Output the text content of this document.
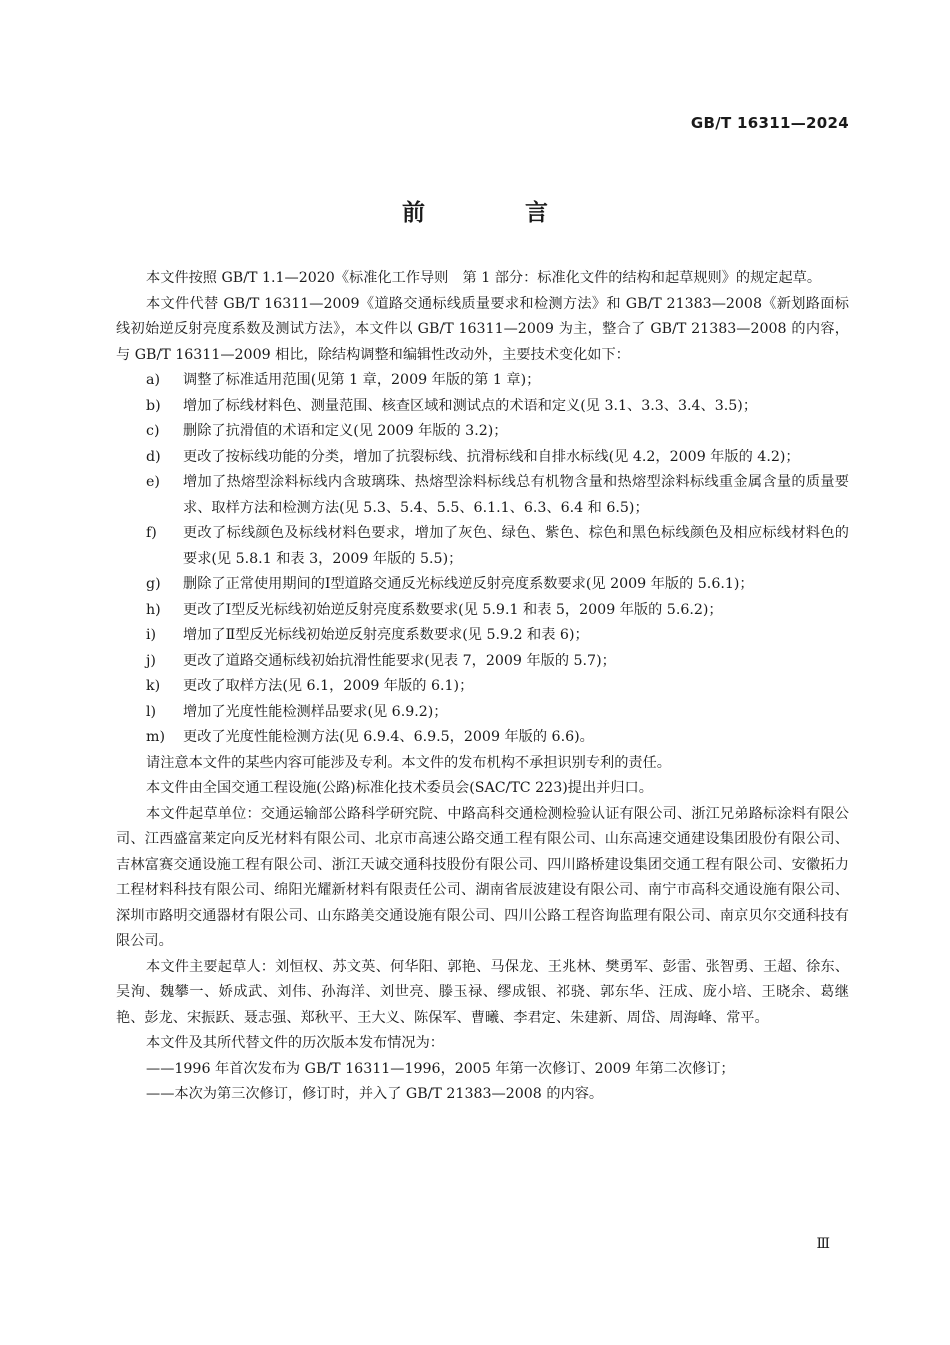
GB/T 16311—2024
前 言

本文件按照 GB/T 1.1—2020《标准化工作导则　第 1 部分：标准化文件的结构和起草规则》的规定起草。

本文件代替 GB/T 16311—2009《道路交通标线质量要求和检测方法》和 GB/T 21383—2008《新划路面标线初始逆反射亮度系数及测试方法》，本文件以 GB/T 16311—2009 为主，整合了 GB/T 21383—2008 的内容，与 GB/T 16311—2009 相比，除结构调整和编辑性改动外，主要技术变化如下：

a)	调整了标准适用范围(见第 1 章，2009 年版的第 1 章)；
b)	增加了标线材料色、测量范围、核查区域和测试点的术语和定义(见 3.1、3.3、3.4、3.5)；
c)	删除了抗滑值的术语和定义(见 2009 年版的 3.2)；
d)	更改了按标线功能的分类，增加了抗裂标线、抗滑标线和自排水标线(见 4.2，2009 年版的 4.2)；
e)	增加了热熔型涂料标线内含玻璃珠、热熔型涂料标线总有机物含量和热熔型涂料标线重金属含量的质量要求、取样方法和检测方法(见 5.3、5.4、5.5、6.1.1、6.3、6.4 和 6.5)；
f)	更改了标线颜色及标线材料色要求，增加了灰色、绿色、紫色、棕色和黑色标线颜色及相应标线材料色的要求(见 5.8.1 和表 3，2009 年版的 5.5)；
g)	删除了正常使用期间的Ⅰ型道路交通反光标线逆反射亮度系数要求(见 2009 年版的 5.6.1)；
h)	更改了Ⅰ型反光标线初始逆反射亮度系数要求(见 5.9.1 和表 5，2009 年版的 5.6.2)；
i)	增加了Ⅱ型反光标线初始逆反射亮度系数要求(见 5.9.2 和表 6)；
j)	更改了道路交通标线初始抗滑性能要求(见表 7，2009 年版的 5.7)；
k)	更改了取样方法(见 6.1，2009 年版的 6.1)；
l)	增加了光度性能检测样品要求(见 6.9.2)；
m)	更改了光度性能检测方法(见 6.9.4、6.9.5，2009 年版的 6.6)。

请注意本文件的某些内容可能涉及专利。本文件的发布机构不承担识别专利的责任。

本文件由全国交通工程设施(公路)标准化技术委员会(SAC/TC 223)提出并归口。

本文件起草单位：交通运输部公路科学研究院、中路高科交通检测检验认证有限公司、浙江兄弟路标涂料有限公司、江西盛富莱定向反光材料有限公司、北京市高速公路交通工程有限公司、山东高速交通建设集团股份有限公司、吉林富赛交通设施工程有限公司、浙江天诚交通科技股份有限公司、四川路桥建设集团交通工程有限公司、安徽拓力工程材料科技有限公司、绵阳光耀新材料有限责任公司、湖南省辰波建设有限公司、南宁市高科交通设施有限公司、深圳市路明交通器材有限公司、山东路美交通设施有限公司、四川公路工程咨询监理有限公司、南京贝尔交通科技有限公司。

本文件主要起草人：刘恒权、苏文英、何华阳、郭艳、马保龙、王兆林、樊勇军、彭雷、张智勇、王超、徐东、吴洵、魏攀一、娇成武、刘伟、孙海洋、刘世亮、滕玉禄、缪成银、祁骁、郭东华、汪成、庞小培、王晓余、葛继艳、彭龙、宋振跃、聂志强、郑秋平、王大义、陈保军、曹曦、李君定、朱建新、周岱、周海峰、常平。

本文件及其所代替文件的历次版本发布情况为：

——1996 年首次发布为 GB/T 16311—1996，2005 年第一次修订、2009 年第二次修订；
——本次为第三次修订，修订时，并入了 GB/T 21383—2008 的内容。
Ⅲ
